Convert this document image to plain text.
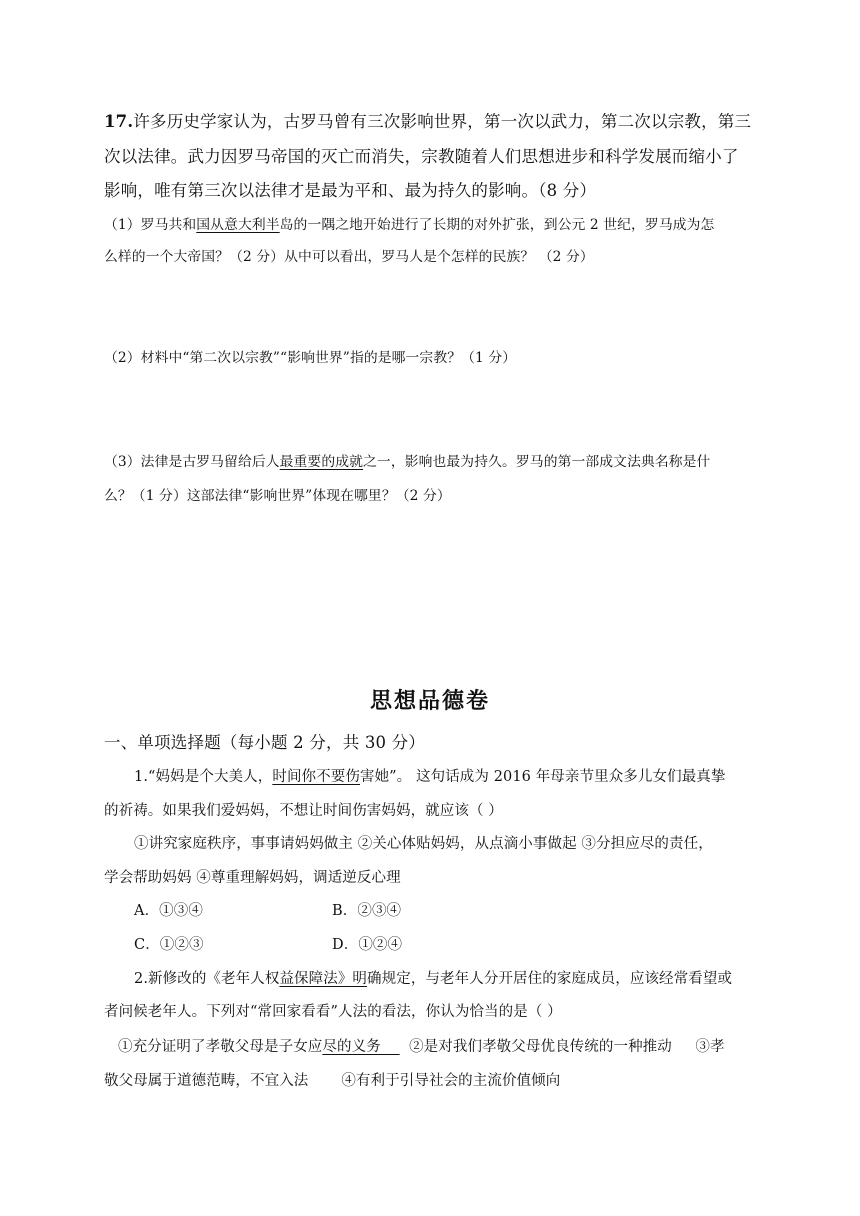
17.许多历史学家认为，古罗马曾有三次影响世界，第一次以武力，第二次以宗教，第三

次以法律。武力因罗马帝国的灭亡而消失，宗教随着人们思想进步和科学发展而缩小了

影响，唯有第三次以法律才是最为平和、最为持久的影响。（8 分）

（1）罗马共和国从意大利半岛的一隅之地开始进行了长期的对外扩张，到公元 2 世纪，罗马成为怎

么样的一个大帝国？（2 分）从中可以看出，罗马人是个怎样的民族？ （2 分）

（2）材料中“第二次以宗教”“影响世界”指的是哪一宗教？（1 分）

（3）法律是古罗马留给后人最重要的成就之一，影响也最为持久。罗马的第一部成文法典名称是什

么？（1 分）这部法律“影响世界”体现在哪里？（2 分）

思想品德卷

一、单项选择题（每小题 2 分，共 30 分）

1.“妈妈是个大美人，时间你不要伤害她”。 这句话成为 2016 年母亲节里众多儿女们最真挚

的祈祷。如果我们爱妈妈，不想让时间伤害妈妈，就应该（ ）

①讲究家庭秩序，事事请妈妈做主 ②关心体贴妈妈，从点滴小事做起 ③分担应尽的责任，

学会帮助妈妈 ④尊重理解妈妈，调适逆反心理

A．①③④	B．②③④

C．①②③	D．①②④

2.新修改的《老年人权益保障法》明确规定，与老年人分开居住的家庭成员，应该经常看望或

者问候老年人。下列对“常回家看看”人法的看法，你认为恰当的是（ ）

①充分证明了孝敬父母是子女应尽的义务      ②是对我们孝敬父母优良传统的一种推动     ③孝

敬父母属于道德范畴，不宜入法       ④有利于引导社会的主流价值倾向
